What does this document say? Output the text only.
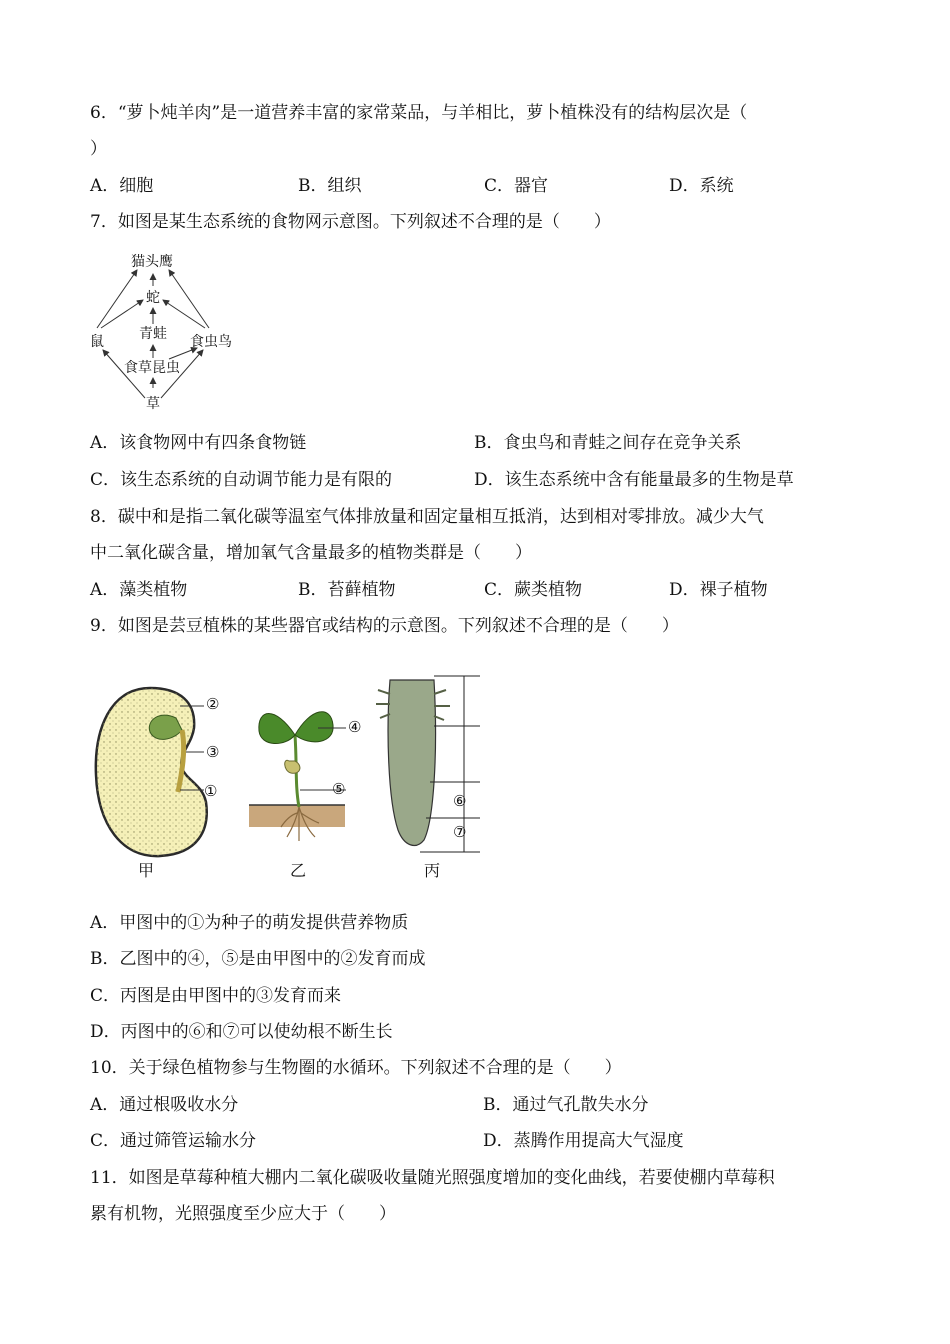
6．“萝卜炖羊肉”是一道营养丰富的家常菜品，与羊相比，萝卜植株没有的结构层次是（
）
A．细胞	B．组织	C．器官	D．系统
7．如图是某生态系统的食物网示意图。下列叙述不合理的是（　　）
猫头鹰
蛇
青蛙
鼠	食虫鸟
食草昆虫
草
A．该食物网中有四条食物链	B．食虫鸟和青蛙之间存在竞争关系
C．该生态系统的自动调节能力是有限的	D．该生态系统中含有能量最多的生物是草
8．碳中和是指二氧化碳等温室气体排放量和固定量相互抵消，达到相对零排放。减少大气
中二氧化碳含量，增加氧气含量最多的植物类群是（　　）
A．藻类植物	B．苔藓植物	C．蕨类植物	D．裸子植物
9．如图是芸豆植株的某些器官或结构的示意图。下列叙述不合理的是（　　）
②
③
①
甲
④
⑤
乙
⑥
⑦
丙
A．甲图中的①为种子的萌发提供营养物质
B．乙图中的④，⑤是由甲图中的②发育而成
C．丙图是由甲图中的③发育而来
D．丙图中的⑥和⑦可以使幼根不断生长
10．关于绿色植物参与生物圈的水循环。下列叙述不合理的是（　　）
A．通过根吸收水分	B．通过气孔散失水分
C．通过筛管运输水分	D．蒸腾作用提高大气湿度
11．如图是草莓种植大棚内二氧化碳吸收量随光照强度增加的变化曲线，若要使棚内草莓积
累有机物，光照强度至少应大于（　　）
